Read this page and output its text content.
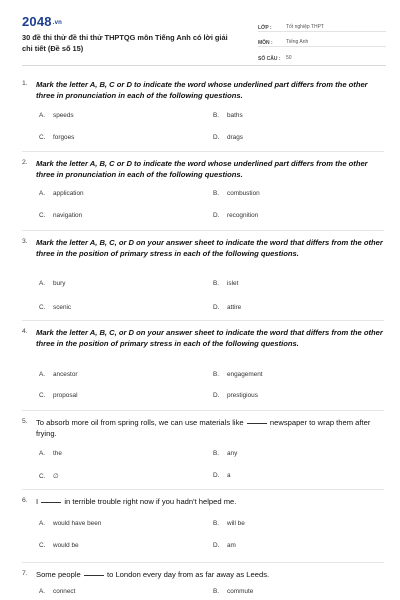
2048.vn
30 đề thi thử đề thi thử THPTQG môn Tiếng Anh có lời giải chi tiết (Đề số 15)
LỚP :	Tốt nghiệp THPT
MÔN :	Tiếng Anh
SỐ CÂU :	50
1. Mark the letter A, B, C or D to indicate the word whose underlined part differs from the other three in pronunciation in each of the following questions.
A. speeds	B. baths
C. forgoes	D. drags
2. Mark the letter A, B, C or D to indicate the word whose underlined part differs from the other three in pronunciation in each of the following questions.
A. application	B. combustion
C. navigation	D. recognition
3. Mark the letter A, B, C, or D on your answer sheet to indicate the word that differs from the other three in the position of primary stress in each of the following questions.
A. bury	B. islet
C. scenic	D. attire
4. Mark the letter A, B, C, or D on your answer sheet to indicate the word that differs from the other three in the position of primary stress in each of the following questions.
A. ancestor	B. engagement
C. proposal	D. prestigious
5. To absorb more oil from spring rolls, we can use materials like	newspaper to wrap them after frying.
A. the	B. any
C. ∅	D. a
6. I	in terrible trouble right now if you hadn't helped me.
A. would have been	B. will be
C. would be	D. am
7. Some people	to London every day from as far away as Leeds.
A. connect	B. commute
